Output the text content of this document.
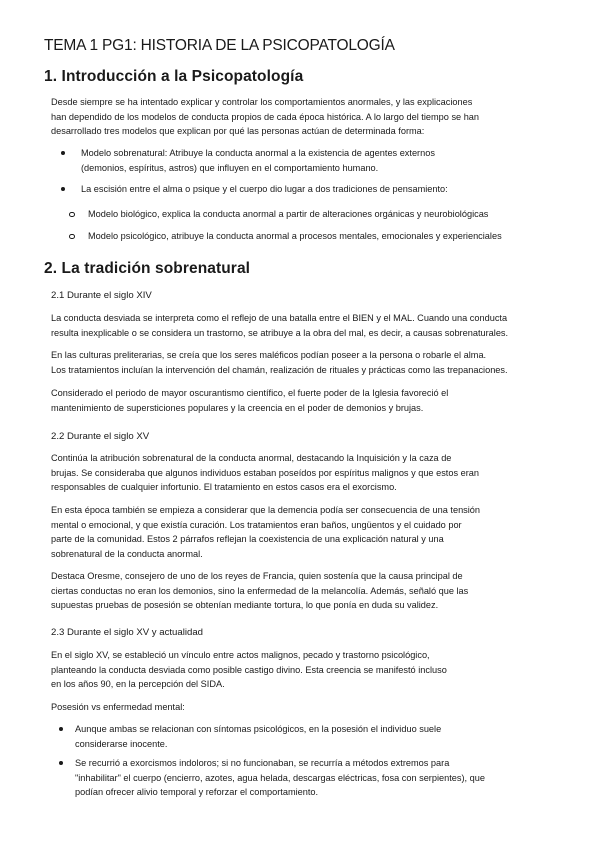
TEMA 1 PG1: HISTORIA DE LA PSICOPATOLOGÍA
1. Introducción a la Psicopatología
Desde siempre se ha intentado explicar y controlar los comportamientos anormales, y las explicaciones
han dependido de los modelos de conducta propios de cada época histórica. A lo largo del tiempo se han
desarrollado tres modelos que explican por qué las personas actúan de determinada forma:
Modelo sobrenatural: Atribuye la conducta anormal a la existencia de agentes externos
(demonios, espíritus, astros) que influyen en el comportamiento humano.
La escisión entre el alma o psique y el cuerpo dio lugar a dos tradiciones de pensamiento:
Modelo biológico, explica la conducta anormal a partir de alteraciones orgánicas y neurobiológicas
Modelo psicológico, atribuye la conducta anormal a procesos mentales, emocionales y experienciales
2. La tradición sobrenatural
2.1 Durante el siglo XIV
La conducta desviada se interpreta como el reflejo de una batalla entre el BIEN y el MAL. Cuando una conducta
resulta inexplicable o se considera un trastorno, se atribuye a la obra del mal, es decir, a causas sobrenaturales.
En las culturas preliterarias, se creía que los seres maléficos podían poseer a la persona o robarle el alma.
Los tratamientos incluían la intervención del chamán, realización de rituales y prácticas como las trepanaciones.
Considerado el periodo de mayor oscurantismo científico, el fuerte poder de la Iglesia favoreció el
mantenimiento de supersticiones populares y la creencia en el poder de demonios y brujas.
2.2 Durante el siglo XV
Continúa la atribución sobrenatural de la conducta anormal, destacando la Inquisición y la caza de
brujas. Se consideraba que algunos individuos estaban poseídos por espíritus malignos y que estos eran
responsables de cualquier infortunio. El tratamiento en estos casos era el exorcismo.
En esta época también se empieza a considerar que la demencia podía ser consecuencia de una tensión
mental o emocional, y que existía curación. Los tratamientos eran baños, ungüentos y el cuidado por
parte de la comunidad. Estos 2 párrafos reflejan la coexistencia de una explicación natural y una
sobrenatural de la conducta anormal.
Destaca Oresme, consejero de uno de los reyes de Francia, quien sostenía que la causa principal de
ciertas conductas no eran los demonios, sino la enfermedad de la melancolía. Además, señaló que las
supuestas pruebas de posesión se obtenían mediante tortura, lo que ponía en duda su validez.
2.3 Durante el siglo XV y actualidad
En el siglo XV, se estableció un vínculo entre actos malignos, pecado y trastorno psicológico,
planteando la conducta desviada como posible castigo divino. Esta creencia se manifestó incluso
en los años 90, en la percepción del SIDA.
Posesión vs enfermedad mental:
Aunque ambas se relacionan con síntomas psicológicos, en la posesión el individuo suele
considerarse inocente.
Se recurrió a exorcismos indoloros; si no funcionaban, se recurría a métodos extremos para
"inhabilitar" el cuerpo (encierro, azotes, agua helada, descargas eléctricas, fosa con serpientes), que
podían ofrecer alivio temporal y reforzar el comportamiento.
